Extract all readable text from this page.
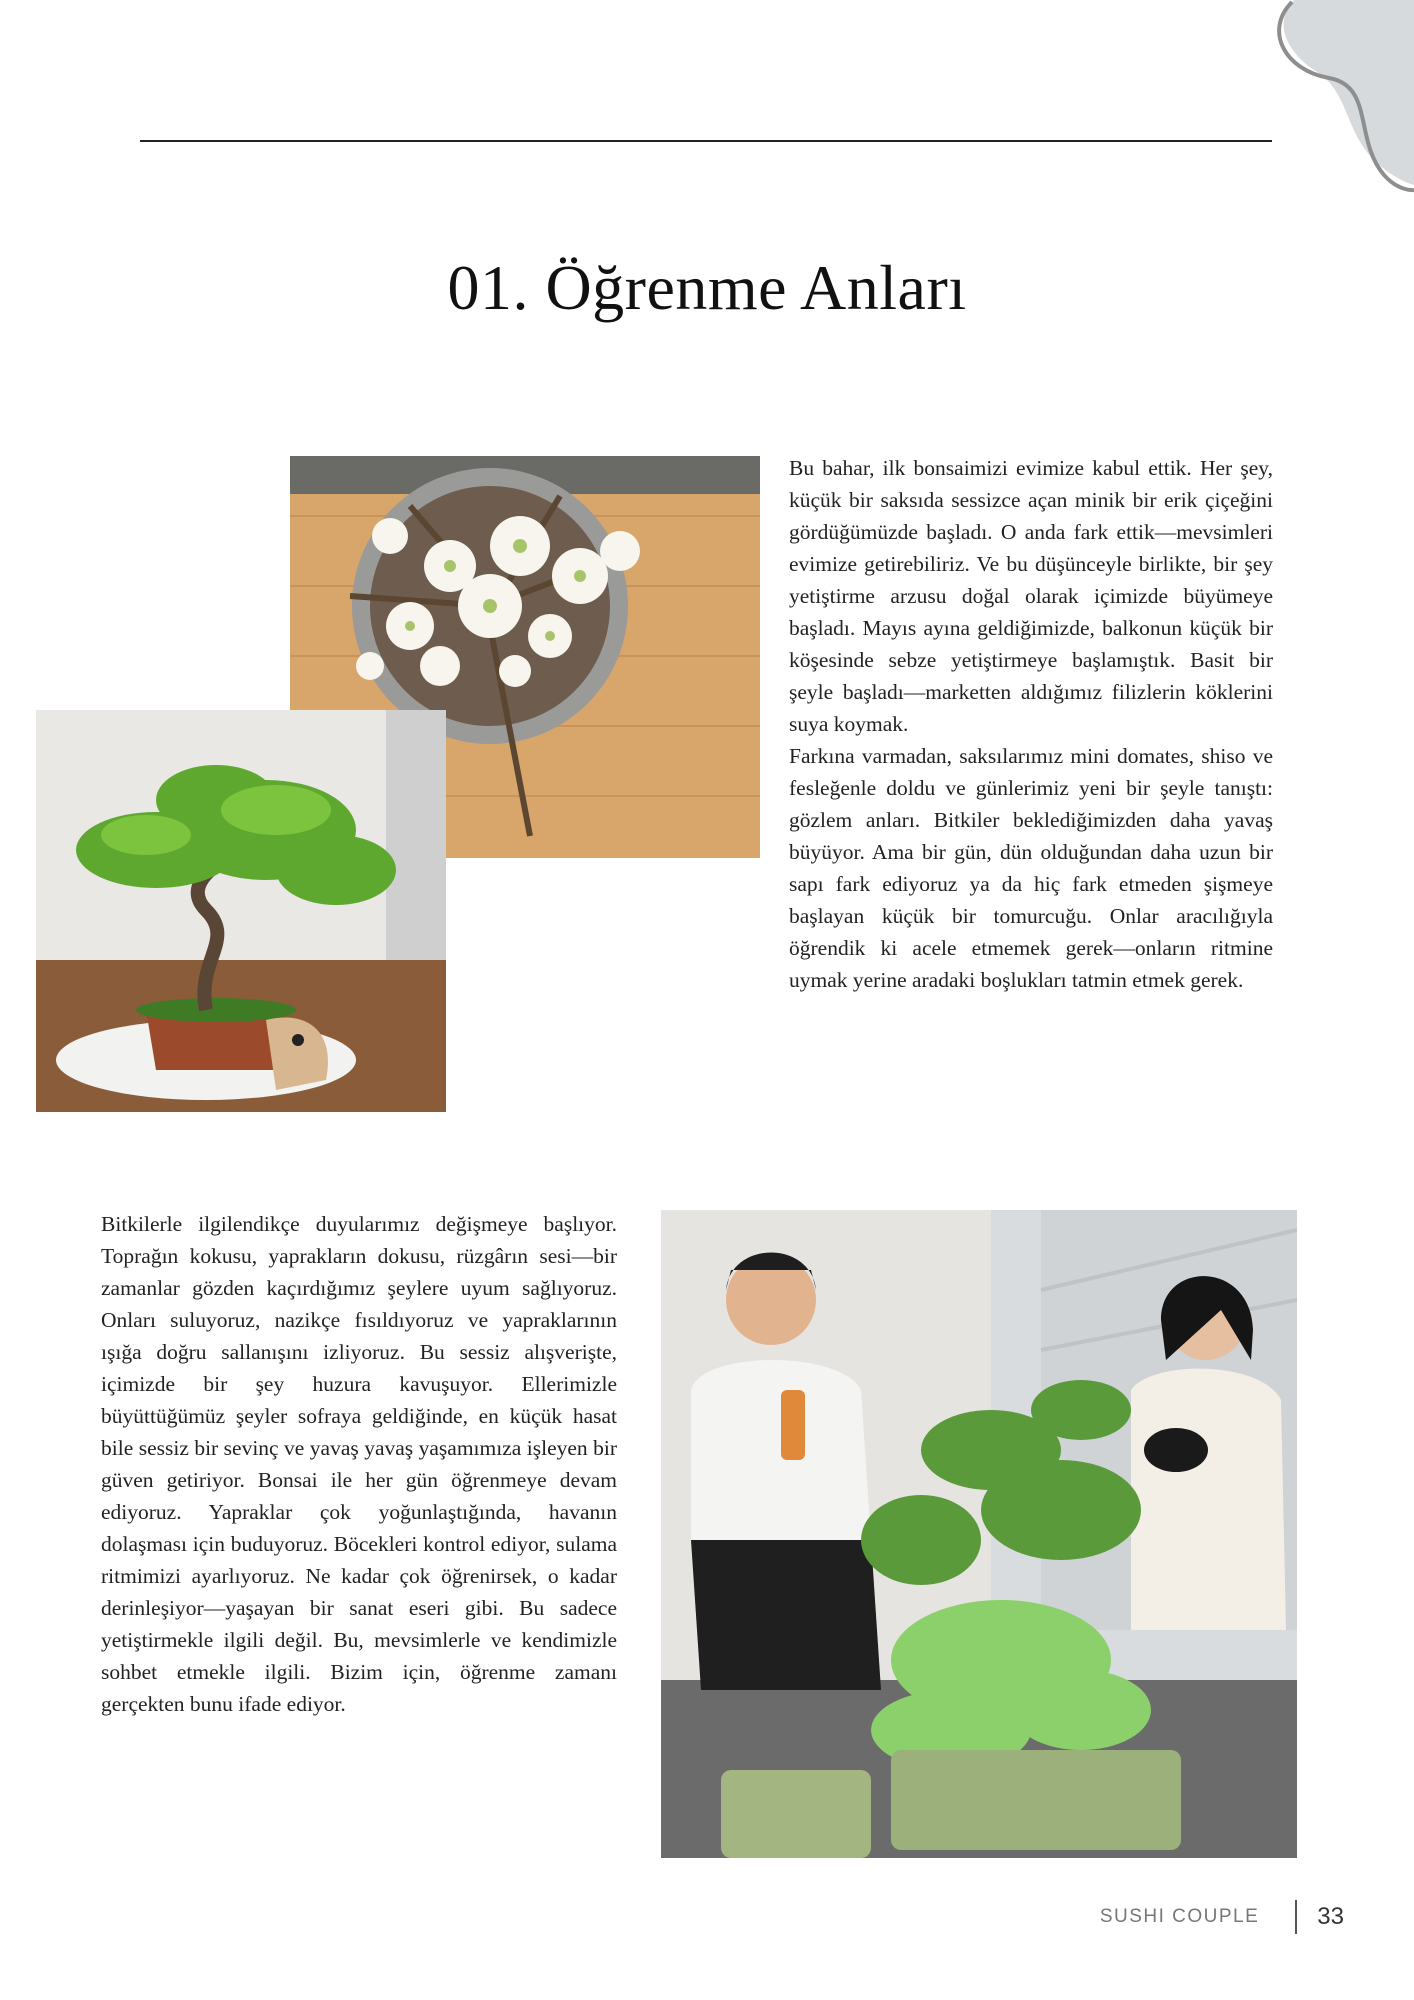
01. Öğrenme Anları

Bu bahar, ilk bonsaimizi evimize kabul ettik. Her şey, küçük bir saksıda sessizce açan minik bir erik çiçeğini gördüğümüzde başladı. O anda fark ettik—mevsimleri evimize getirebiliriz. Ve bu düşünceyle birlikte, bir şey yetiştirme arzusu doğal olarak içimizde büyümeye başladı. Mayıs ayına geldiğimizde, balkonun küçük bir köşesinde sebze yetiştirmeye başlamıştık. Basit bir şeyle başladı—marketten aldığımız filizlerin köklerini suya koymak.

Farkına varmadan, saksılarımız mini domates, shiso ve fesleğenle doldu ve günlerimiz yeni bir şeyle tanıştı: gözlem anları. Bitkiler beklediğimizden daha yavaş büyüyor. Ama bir gün, dün olduğundan daha uzun bir sapı fark ediyoruz ya da hiç fark etmeden şişmeye başlayan küçük bir tomurcuğu. Onlar aracılığıyla öğrendik ki acele etmemek gerek—onların ritmine uymak yerine aradaki boşlukları tatmin etmek gerek.

Bitkilerle ilgilendikçe duyularımız değişmeye başlıyor. Toprağın kokusu, yaprakların dokusu, rüzgârın sesi—bir zamanlar gözden kaçırdığımız şeylere uyum sağlıyoruz. Onları suluyoruz, nazikçe fısıldıyoruz ve yapraklarının ışığa doğru sallanışını izliyoruz. Bu sessiz alışverişte, içimizde bir şey huzura kavuşuyor. Ellerimizle büyüttüğümüz şeyler sofraya geldiğinde, en küçük hasat bile sessiz bir sevinç ve yavaş yavaş yaşamımıza işleyen bir güven getiriyor. Bonsai ile her gün öğrenmeye devam ediyoruz. Yapraklar çok yoğunlaştığında, havanın dolaşması için buduyoruz. Böcekleri kontrol ediyor, sulama ritmimizi ayarlıyoruz. Ne kadar çok öğrenirsek, o kadar derinleşiyor—yaşayan bir sanat eseri gibi. Bu sadece yetiştirmekle ilgili değil. Bu, mevsimlerle ve kendimizle sohbet etmekle ilgili. Bizim için, öğrenme zamanı gerçekten bunu ifade ediyor.

SUSHI COUPLE 33
